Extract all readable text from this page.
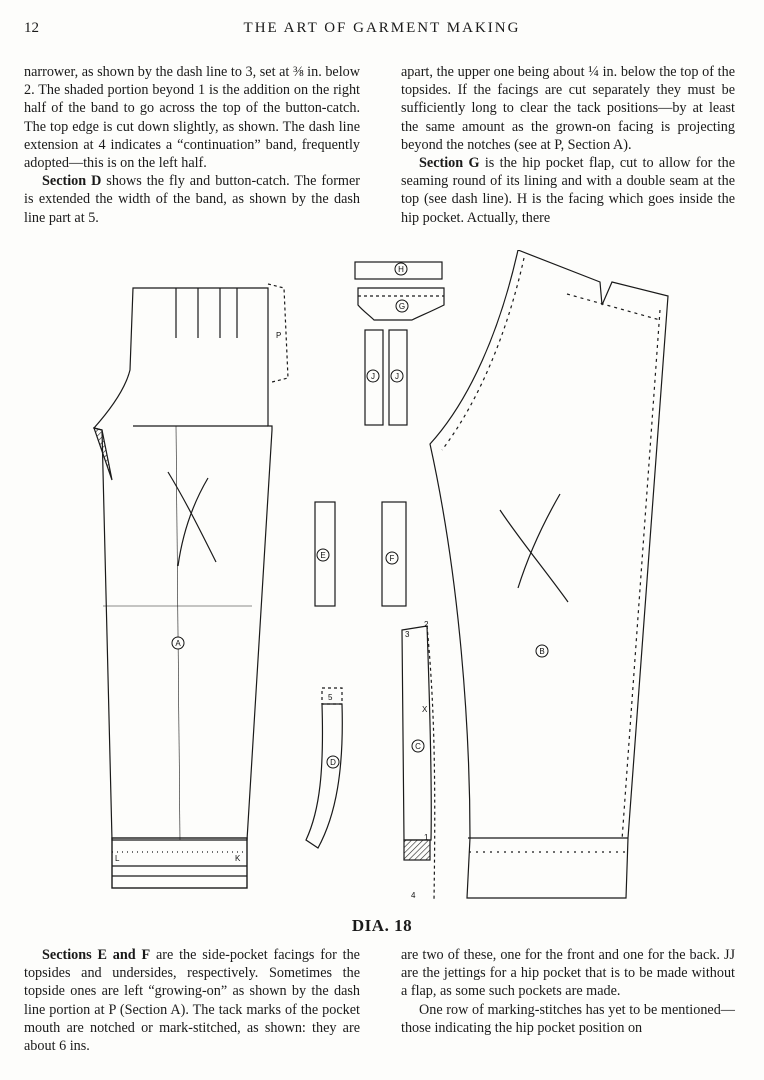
12	THE ART OF GARMENT MAKING

narrower, as shown by the dash line to 3, set at ⅜ in. below 2. The shaded portion beyond 1 is the addition on the right half of the band to go across the top of the button-catch. The top edge is cut down slightly, as shown. The dash line extension at 4 indicates a “continuation” band, frequently adopted—this is on the left half.

Section D shows the fly and button-catch. The former is extended the width of the band, as shown by the dash line part at 5.

apart, the upper one being about ¼ in. below the top of the topsides. If the facings are cut separately they must be sufficiently long to clear the tack positions—by at least the same amount as the grown-on facing is projecting beyond the notches (see at P, Section A).

Section G is the hip pocket flap, cut to allow for the seaming round of its lining and with a double seam at the top (see dash line). H is the facing which goes inside the hip pocket. Actually, there

A
B
C
D
E	F
G
H
J	J
P
L	K
2
3
X
1
4
5
DIA. 18

Sections E and F are the side-pocket facings for the topsides and undersides, respectively. Sometimes the topside ones are left “growing-on” as shown by the dash line portion at P (Section A). The tack marks of the pocket mouth are notched or mark-stitched, as shown: they are about 6 ins.

are two of these, one for the front and one for the back. JJ are the jettings for a hip pocket that is to be made without a flap, as some such pockets are made.

One row of marking-stitches has yet to be mentioned—those indicating the hip pocket position on
